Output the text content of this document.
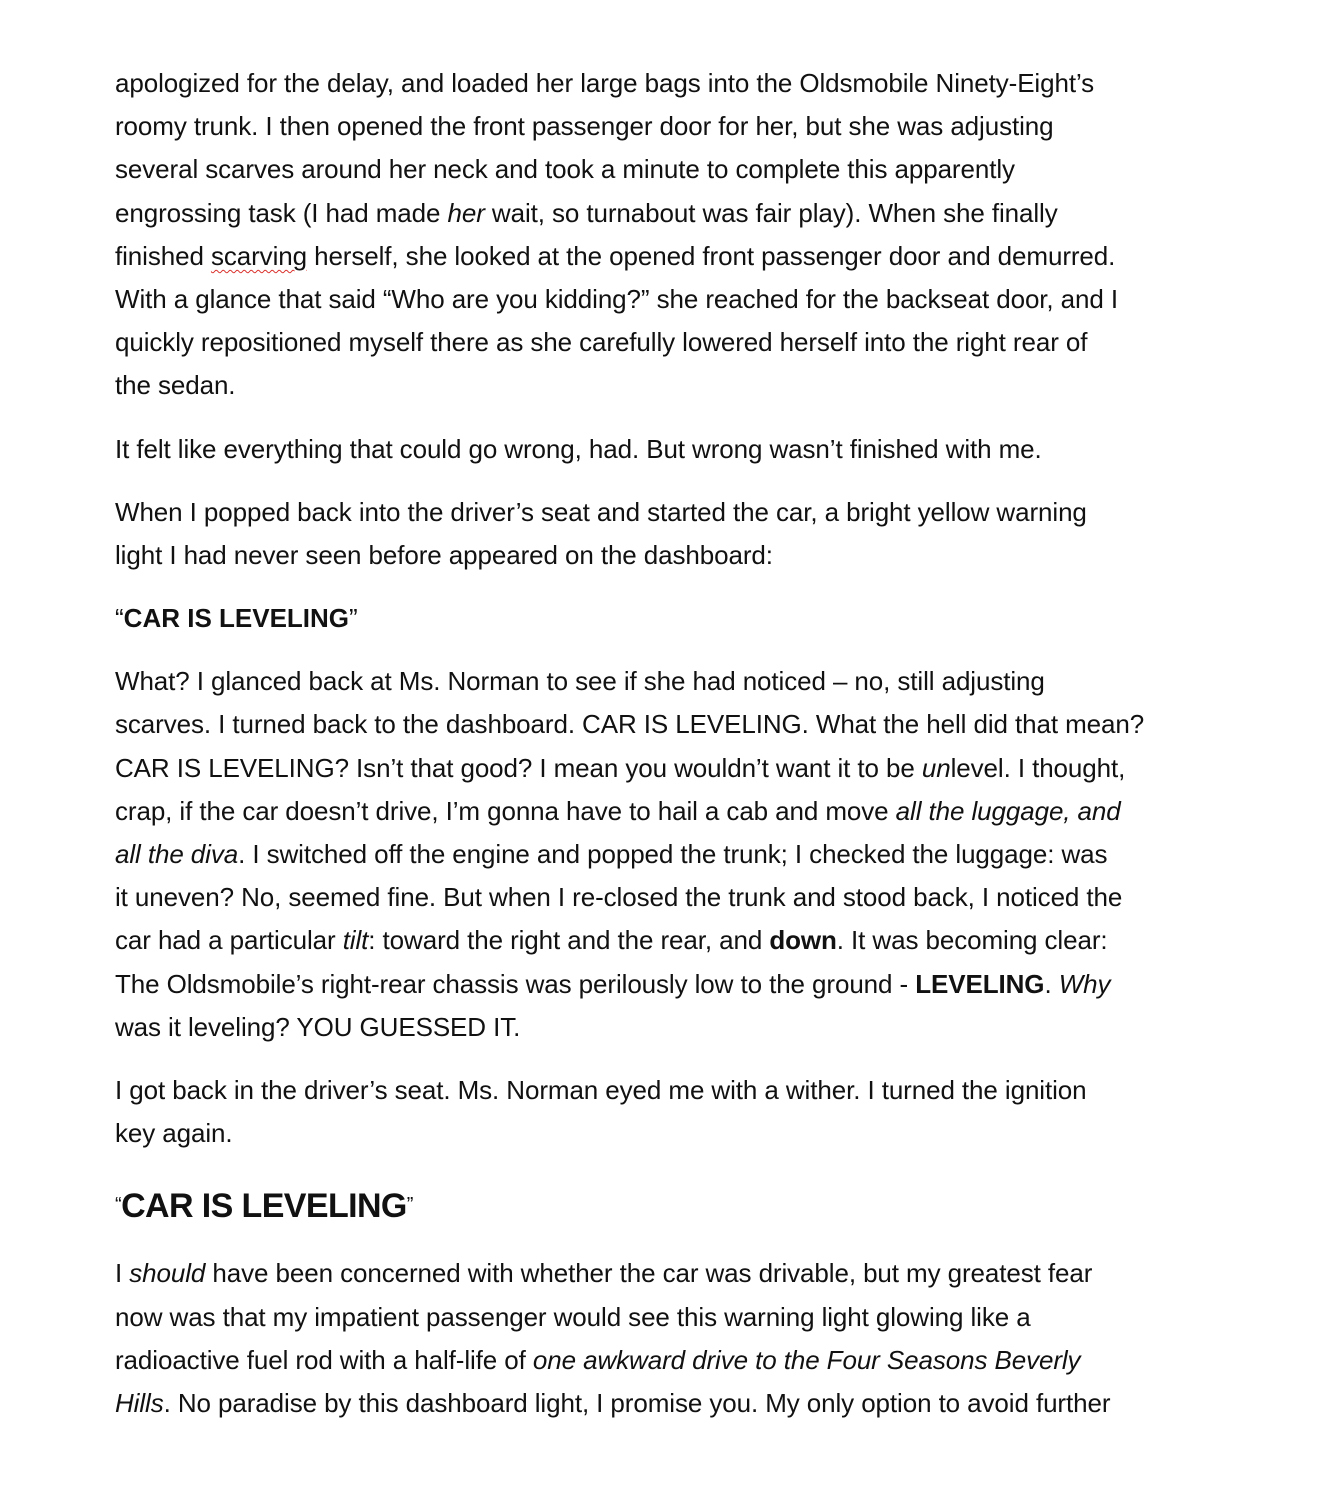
apologized for the delay, and loaded her large bags into the Oldsmobile Ninety-Eight’s
roomy trunk. I then opened the front passenger door for her, but she was adjusting
several scarves around her neck and took a minute to complete this apparently
engrossing task (I had made her wait, so turnabout was fair play). When she finally
finished scarving herself, she looked at the opened front passenger door and demurred.
With a glance that said “Who are you kidding?” she reached for the backseat door, and I
quickly repositioned myself there as she carefully lowered herself into the right rear of
the sedan.

It felt like everything that could go wrong, had. But wrong wasn’t finished with me.

When I popped back into the driver’s seat and started the car, a bright yellow warning
light I had never seen before appeared on the dashboard:

“CAR IS LEVELING”

What? I glanced back at Ms. Norman to see if she had noticed – no, still adjusting
scarves. I turned back to the dashboard. CAR IS LEVELING. What the hell did that mean?
CAR IS LEVELING? Isn’t that good? I mean you wouldn’t want it to be unlevel. I thought,
crap, if the car doesn’t drive, I’m gonna have to hail a cab and move all the luggage, and
all the diva. I switched off the engine and popped the trunk; I checked the luggage: was
it uneven? No, seemed fine. But when I re-closed the trunk and stood back, I noticed the
car had a particular tilt: toward the right and the rear, and down. It was becoming clear:
The Oldsmobile’s right-rear chassis was perilously low to the ground - LEVELING. Why
was it leveling? YOU GUESSED IT.

I got back in the driver’s seat. Ms. Norman eyed me with a wither. I turned the ignition
key again.

“CAR IS LEVELING”

I should have been concerned with whether the car was drivable, but my greatest fear
now was that my impatient passenger would see this warning light glowing like a
radioactive fuel rod with a half-life of one awkward drive to the Four Seasons Beverly
Hills. No paradise by this dashboard light, I promise you. My only option to avoid further
